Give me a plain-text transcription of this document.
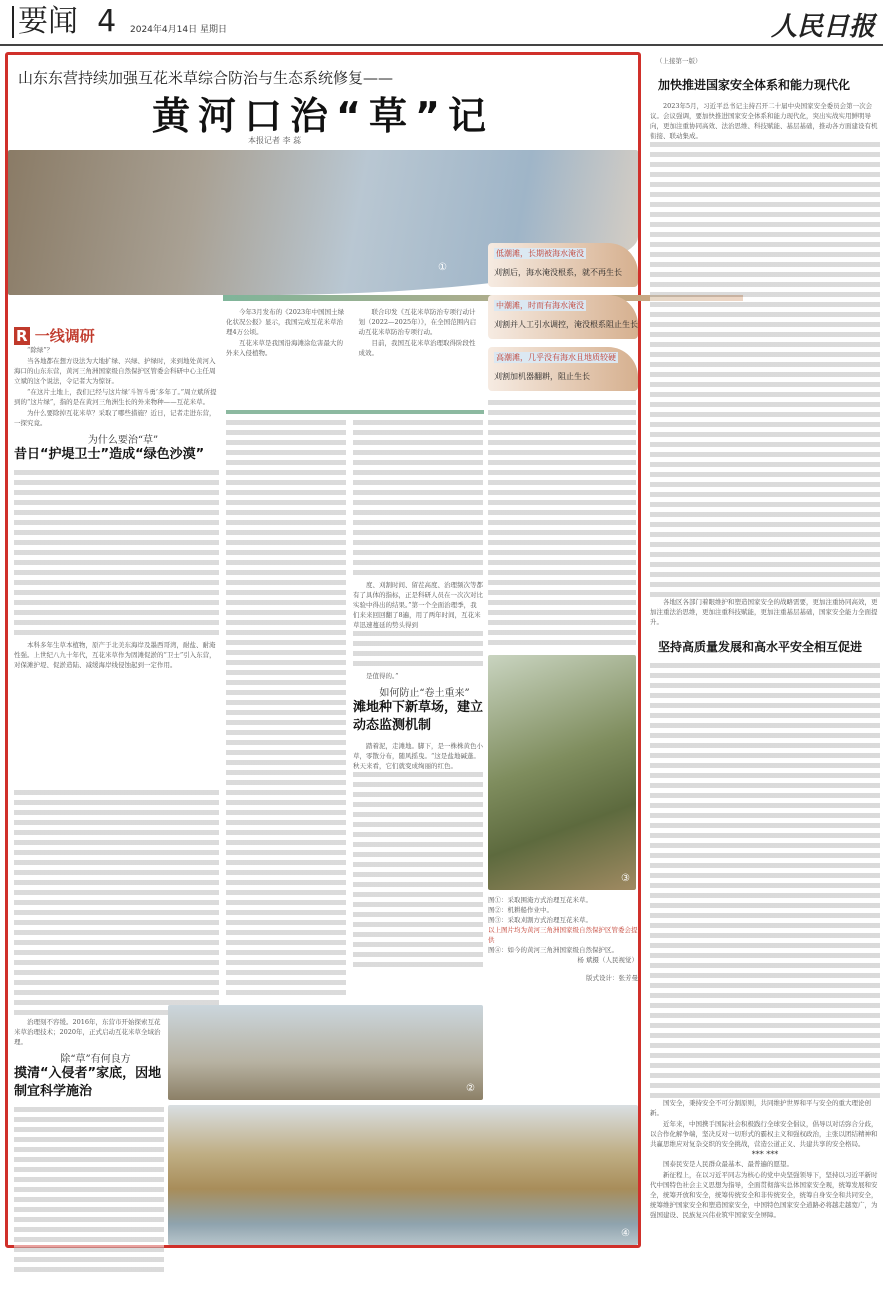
要闻 4 2024年4月14日 星期日	人民日报
山东东营持续加强互花米草综合防治与生态系统修复——
黄河口治“草”记
本报记者 李 蕊
①
低潮滩，长期被海水淹没
刈割后，海水淹没根系，就不再生长
中潮滩，时而有海水淹没
刈割并人工引水调控，淹没根系阻止生长
高潮滩，几乎没有海水且地质较硬
刈割加机器翻耕，阻止生长
R 一线调研

“除绿”？

当各地都在想方设法为大地扩绿、兴绿、护绿时，来到地处黄河入海口的山东东营，黄河三角洲国家级自然保护区管委会科研中心主任周立斌的这个说法，令记者大为惊讶。

“在这片土地上，我们已经与这片绿‘斗智斗勇’多年了。”周立斌所提到的“这片绿”，指的是在黄河三角洲生长的外来物种——互花米草。

为什么要除掉互花米草？采取了哪些措施？近日，记者走进东营，一探究竟。

为什么要治“草”
昔日“护堤卫士”造成“绿色沙漠”

本科多年生草本植物，原产于北美东海岸及墨西哥湾，耐盐、耐淹性强。上世纪八九十年代，互花米草作为固滩促淤的“卫士”引入东营，对保滩护堤、促淤造陆、减缓海岸线侵蚀起到一定作用。

治理刻不容缓。2016年，东营市开始探索互花米草治理技术；2020年，正式启动互花米草全域治理。

除“草”有何良方
摸清“入侵者”家底，因地制宜科学施治

今年3月发布的《2023年中国国土绿化状况公报》显示，我国完成互花米草治理4万公顷。

互花米草是我国沿海滩涂危害最大的外来入侵植物。

联合印发《互花米草防治专项行动计划（2022—2025年）》，在全国范围内启动互花米草防治专项行动。

目前，我国互花米草治理取得阶段性成效。

度、刈割时间、留茬高度、治理频次等都有了具体的指标，正是科研人员在一次次对比实验中得出的结果。”第一个全面治理季，我们来来回回翻了8遍，用了两年时间，互花米草迅速蔓延的势头得到

是值得的。”

如何防止“卷土重来”
滩地种下新草场，建立动态监测机制

踏着泥，走滩地。脚下，是一株株黄色小草，零散分布，随风摇曳。“这是盐地碱蓬。秋天来看，它们就变成绚丽的红色。

③
图①：采取围淹方式治理互花米草。
图②：机耕船作业中。
图③：采取刈割方式治理互花米草。
以上图片均为黄河三角洲国家级自然保护区管委会提供
图④：如今的黄河三角洲国家级自然保护区。
杨 斌摄（人民视觉）
版式设计：张芳曼
②
④
（上接第一版）
加快推进国家安全体系和能力现代化

2023年5月，习近平总书记主持召开二十届中央国家安全委员会第一次会议。会议强调，要加快推进国家安全体系和能力现代化，突出实战实用鲜明导向，更加注重协同高效、法治思维、科技赋能、基层基础，推动各方面建设有机衔接、联动集成。

各地区各部门着眼维护和塑造国家安全的战略需要，更加注重协同高效，更加注重法治思维，更加注重科技赋能，更加注重基层基础，国家安全能力全面提升。

坚持高质量发展和高水平安全相互促进

国安全，秉持安全不可分割原则，共同维护世界和平与安全的重大理论创新。

近年来，中国携手国际社会积极践行全球安全倡议，倡导以对话弥合分歧，以合作化解争端，坚决反对一切形式的霸权主义和强权政治，主张以团结精神和共赢思维应对复杂交织的安全挑战，营造公道正义、共建共享的安全格局。

*** ***

国泰民安是人民群众最基本、最普遍的愿望。

新征程上，在以习近平同志为核心的党中央坚强领导下，坚持以习近平新时代中国特色社会主义思想为指导，全面贯彻落实总体国家安全观，统筹发展和安全，统筹开放和安全，统筹传统安全和非传统安全，统筹自身安全和共同安全，统筹维护国家安全和塑造国家安全，中国特色国家安全道路必将越走越宽广，为强国建设、民族复兴伟业筑牢国家安全屏障。
